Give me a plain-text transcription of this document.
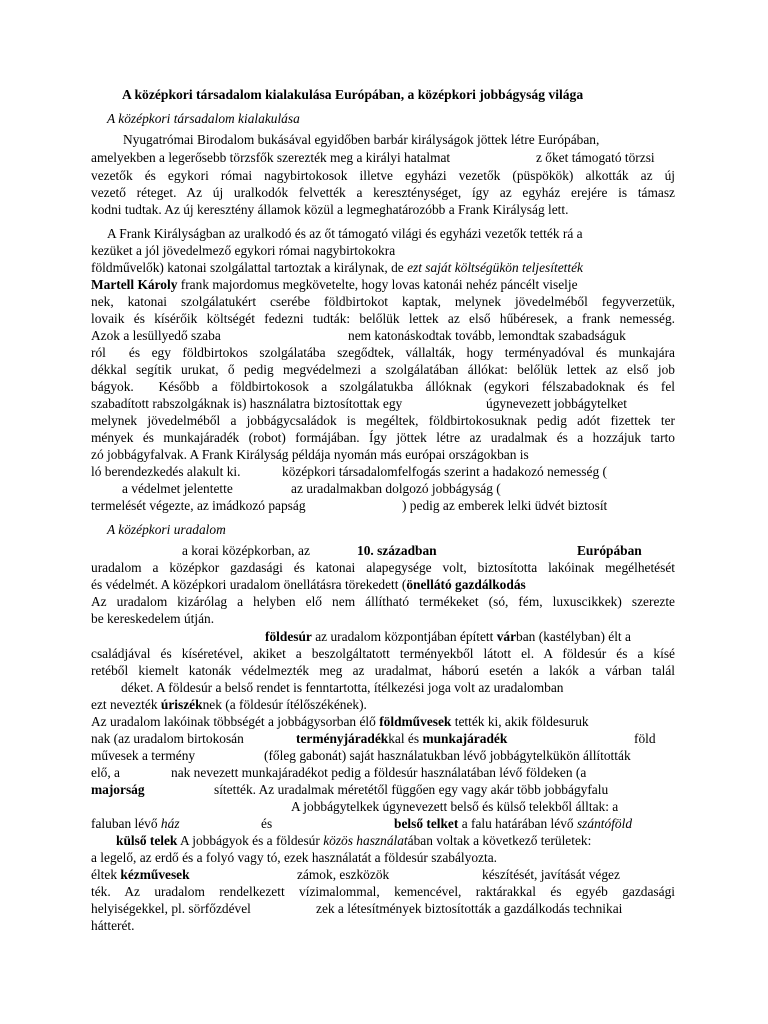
A középkori társadalom kialakulása Európában, a középkori jobbágyság világa
A középkori társadalom kialakulása
Nyugatrómai Birodalom bukásával egyidőben barbár királyságok jöttek létre Európában,
amelyekben a legerősebb törzsfők szerezték meg a királyi hatalmat	z őket támogató törzsi
vezetők és egykori római nagybirtokosok illetve egyházi vezetők (püspökök) alkották az új
vezető réteget. Az új uralkodók felvették a kereszténységet, így az egyház erejére is támasz
kodni tudtak. Az új keresztény államok közül a legmeghatározóbb a Frank Királyság lett.
A Frank Királyságban az uralkodó és az őt támogató világi és egyházi vezetők tették rá a
kezüket a jól jövedelmező egykori római nagybirtokokra
földművelők) katonai szolgálattal tartoztak a királynak, de ezt saját költségükön teljesítették
Martell Károly frank majordomus megkövetelte, hogy lovas katonái nehéz páncélt viselje
nek, katonai szolgálatukért cserébe földbirtokot kaptak, melynek jövedelméből fegyverzetük,
lovaik és kísérőik költségét fedezni tudták: belőlük lettek az első hűbéresek, a frank nemesség.
Azok a lesüllyedő szaba	nem katonáskodtak tovább, lemondtak szabadságuk
ról  és egy földbirtokos szolgálatába szegődtek, vállalták, hogy terményadóval és munkajára
dékkal segítik urukat, ő pedig megvédelmezi a szolgálatában állókat: belőlük lettek az első job
bágyok.  Később a földbirtokosok a szolgálatukba állóknak (egykori félszabadoknak és fel
szabadított rabszolgáknak is) használatra biztosítottak egy	úgynevezett jobbágytelket
melynek jövedelméből a jobbágycsaládok is megéltek, földbirtokosuknak pedig adót fizettek ter
mények és munkajáradék (robot) formájában. Így jöttek létre az uradalmak és a hozzájuk tarto
zó jobbágyfalvak. A Frank Királyság példája nyomán más európai országokban is
ló berendezkedés alakult ki.	középkori társadalomfelfogás szerint a hadakozó nemesség (
a védelmet jelentette	az uradalmakban dolgozó jobbágyság (
termelését végezte, az imádkozó papság	) pedig az emberek lelki üdvét biztosít
A középkori uradalom
a korai középkorban, az	10. században	Európában
uradalom a középkor gazdasági és katonai alapegysége volt, biztosította lakóinak megélhetését
és védelmét. A középkori uradalom önellátásra törekedett (önellátó gazdálkodás
Az uradalom kizárólag a helyben elő nem állítható termékeket (só, fém, luxuscikkek) szerezte
be kereskedelem útján.
földesúr az uradalom központjában épített várban (kastélyban) élt a
családjával és kíséretével, akiket a beszolgáltatott terményekből látott el. A földesúr és a kísé
retéből kiemelt katonák védelmezték meg az uradalmat, háború esetén a lakók a várban talál
déket. A földesúr a belső rendet is fenntartotta, ítélkezési joga volt az uradalomban
ezt nevezték úriszéknek (a földesúr ítélőszékének).
Az uradalom lakóinak többségét a jobbágysorban élő földművesek tették ki, akik földesuruk
nak (az uradalom birtokosán	terményjáradékkal és munkajáradék	föld
művesek a termény	(főleg gabonát) saját használatukban lévő jobbágytelkükön állították
elő, a	nak nevezett munkajáradékot pedig a földesúr használatában lévő földeken (a
majorság	sítették. Az uradalmak méretétől függően egy vagy akár több jobbágyfalu
A jobbágytelkek úgynevezett belső és külső telekből álltak: a
faluban lévő ház	és	belső telket a falu határában lévő szántóföld
külső telek A jobbágyok és a földesúr közös használatában voltak a következő területek:
a legelő, az erdő és a folyó vagy tó, ezek használatát a földesúr szabályozta.
éltek kézművesek	zámok, eszközök	készítését, javítását végez
ték. Az uradalom rendelkezett vízimalommal, kemencével, raktárakkal és egyéb gazdasági
helyiségekkel, pl. sörfőzdével	zek a létesítmények biztosították a gazdálkodás technikai
hátterét.
